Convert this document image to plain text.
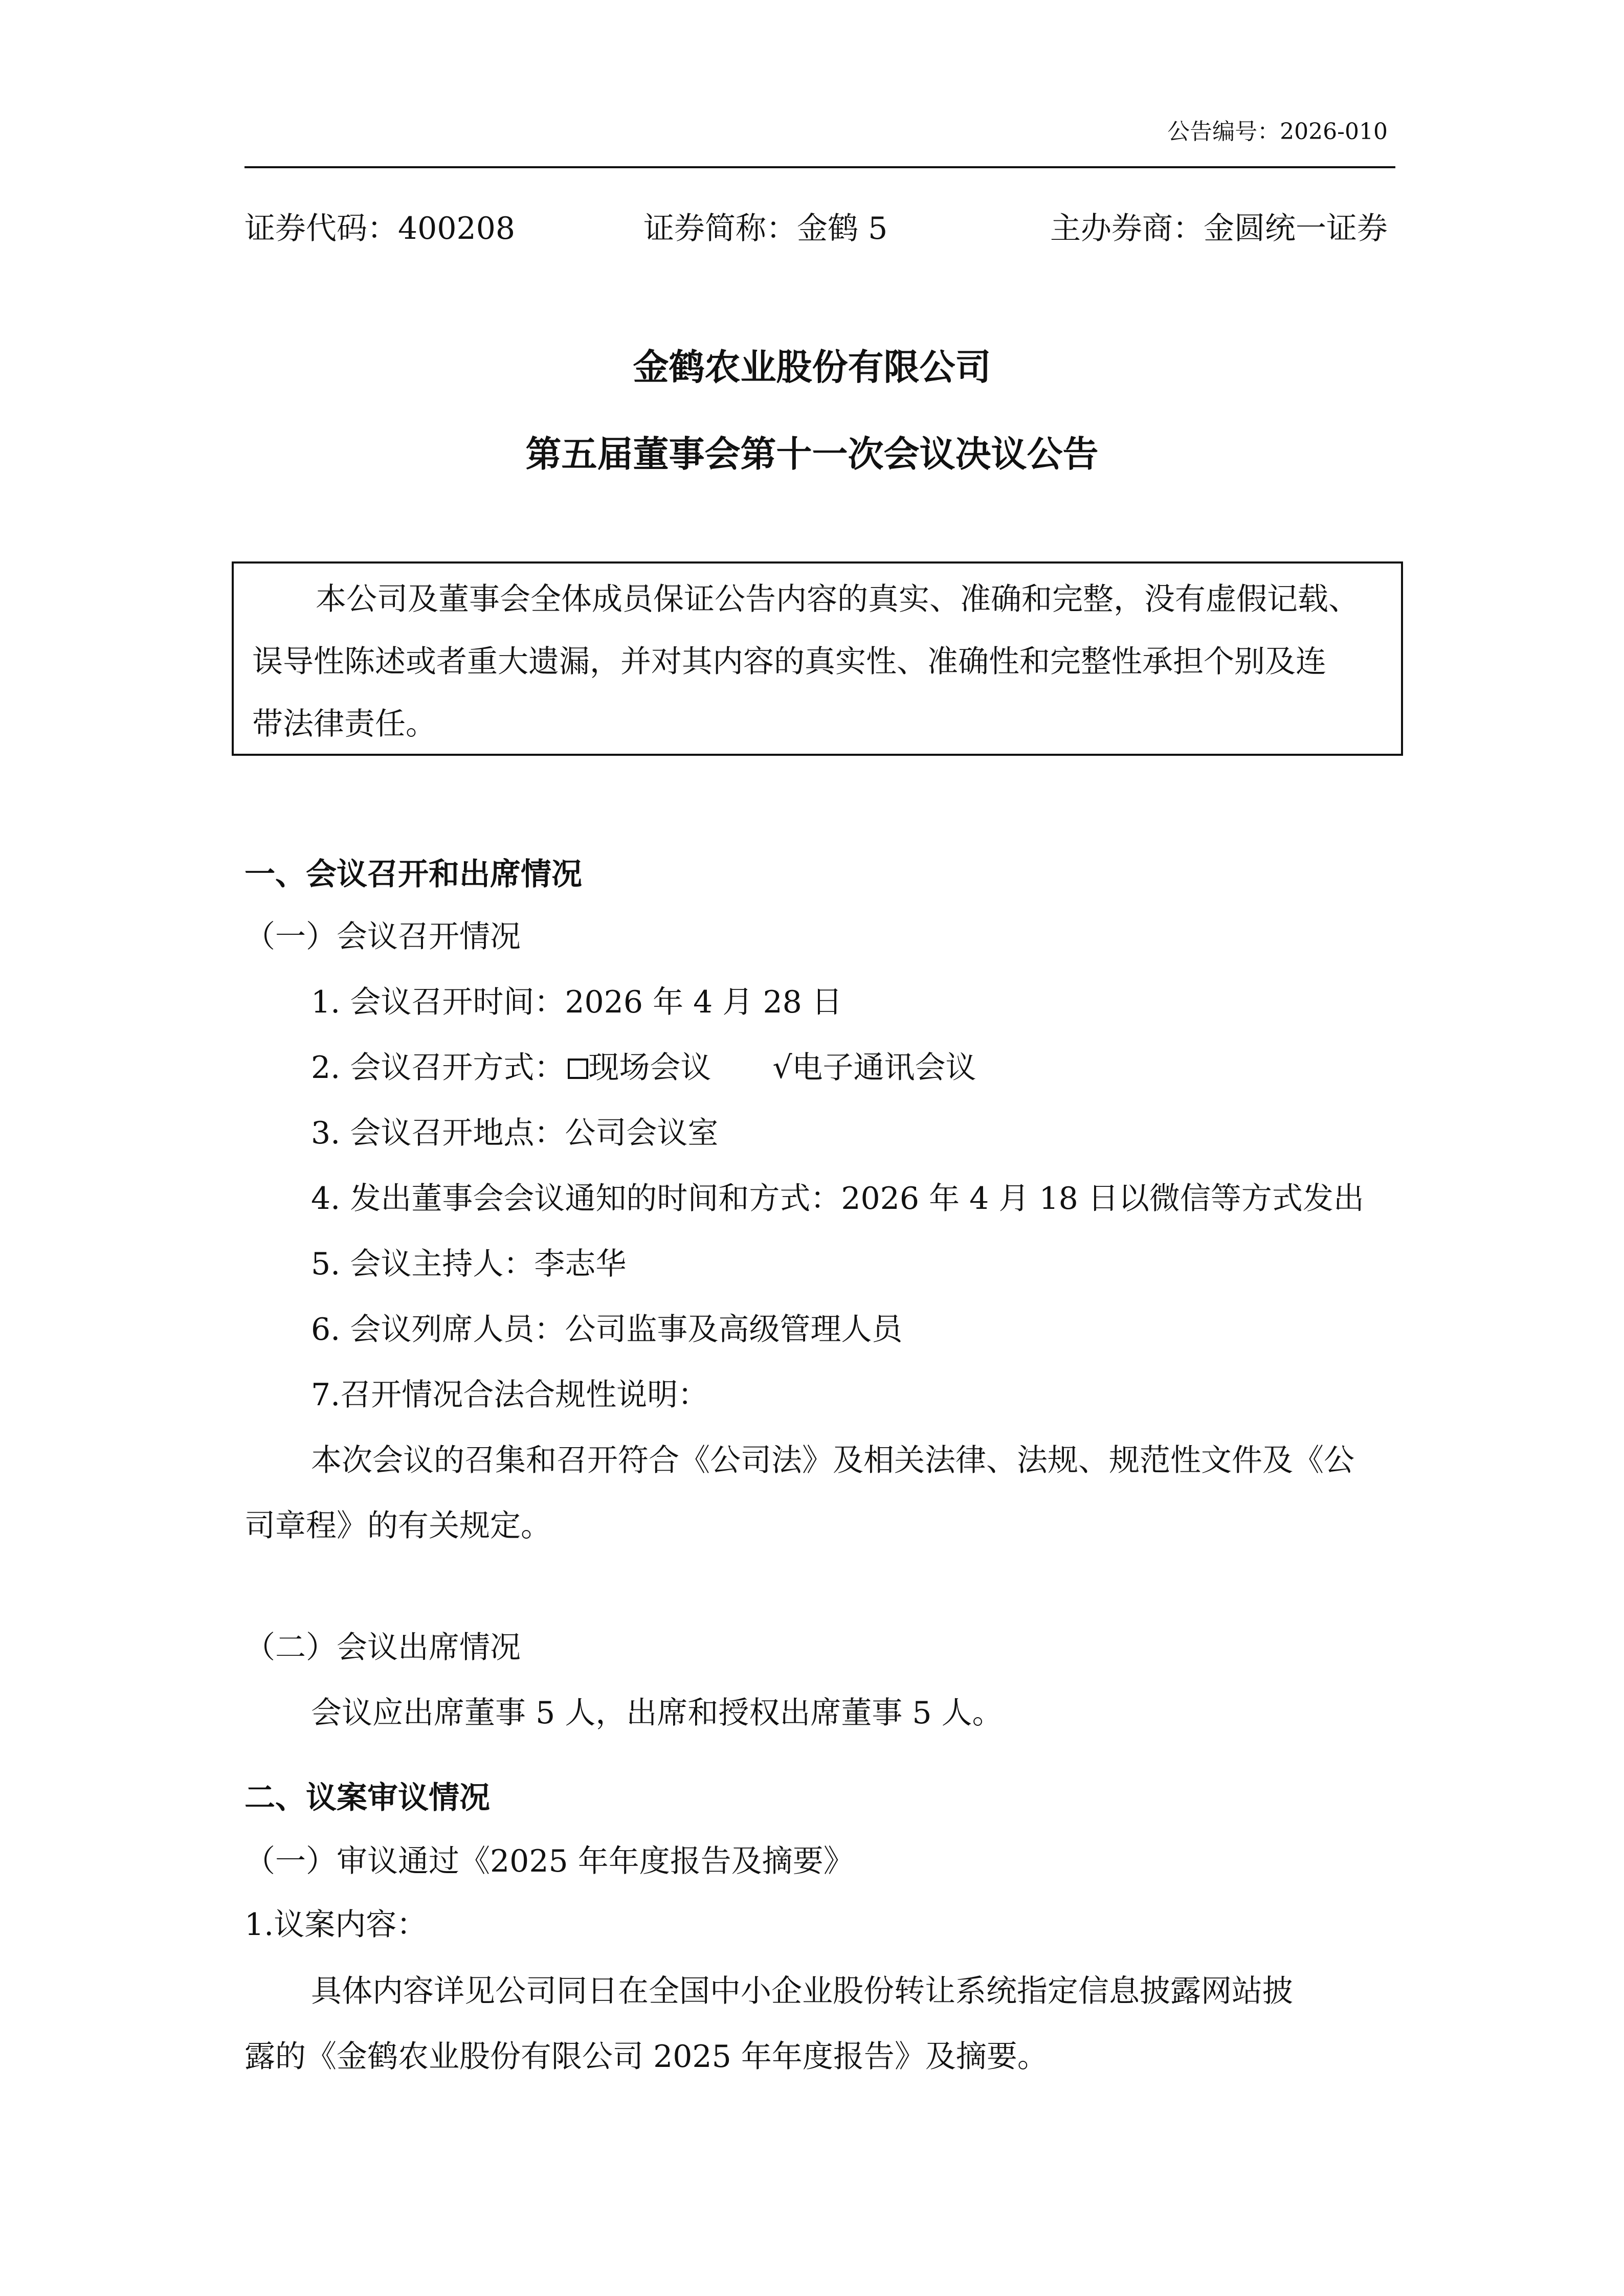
公告编号：2026-010
证券代码：400208	证券简称：金鹤 5	主办券商：金圆统一证券
金鹤农业股份有限公司
第五届董事会第十一次会议决议公告
本公司及董事会全体成员保证公告内容的真实、准确和完整，没有虚假记载、
误导性陈述或者重大遗漏，并对其内容的真实性、准确性和完整性承担个别及连
带法律责任。
一、会议召开和出席情况
（一）会议召开情况
1. 会议召开时间：2026 年 4 月 28 日
2. 会议召开方式： 现场会议 √电子通讯会议
3. 会议召开地点：公司会议室
4. 发出董事会会议通知的时间和方式：2026 年 4 月 18 日以微信等方式发出
5. 会议主持人：李志华
6. 会议列席人员：公司监事及高级管理人员
7.召开情况合法合规性说明：
本次会议的召集和召开符合《公司法》及相关法律、法规、规范性文件及《公
司章程》的有关规定。
（二）会议出席情况
会议应出席董事 5 人，出席和授权出席董事 5 人。
二、议案审议情况
（一）审议通过《2025 年年度报告及摘要》
1.议案内容：
具体内容详见公司同日在全国中小企业股份转让系统指定信息披露网站披
露的《金鹤农业股份有限公司 2025 年年度报告》及摘要。
